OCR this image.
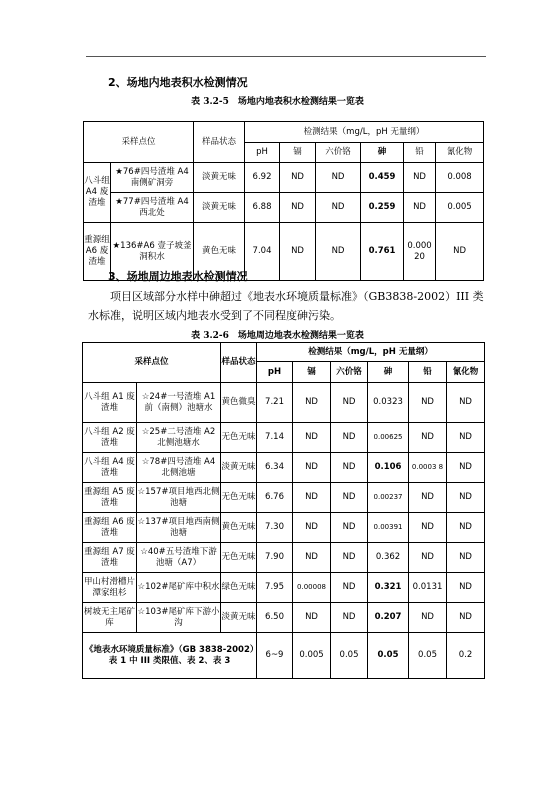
2、场地内地表积水检测情况
表 3.2-5　场地内地表积水检测结果一览表
采样点位		样品状态	检测结果（mg/L，pH 无量纲）					
			pH	镉	六价铬	砷	铅	氰化物
八斗组 A4 废渣堆	★76#四号渣堆 A4 南侧矿洞旁	淡黄无味	6.92	ND	ND	0.459	ND	0.008
	★77#四号渣堆 A4 西北处	淡黄无味	6.88	ND	ND	0.259	ND	0.005
重源组 A6 废渣堆	★136#A6 壹子坡釜洞积水	黄色无味	7.04	ND	ND	0.761	0.000 20	ND
3、场地周边地表水检测情况
项目区域部分水样中砷超过《地表水环境质量标准》（GB3838-2002）III 类水标准，说明区域内地表水受到了不同程度砷污染。
表 3.2-6　场地周边地表水检测结果一览表
采样点位		样品状态	检测结果（mg/L，pH 无量纲）					
			pH	镉	六价铬	砷	铅	氰化物
八斗组 A1 废渣堆	☆24#一号渣堆 A1 前（南侧）池塘水	黄色微臭	7.21	ND	ND	0.0323	ND	ND
八斗组 A2 废渣堆	☆25#二号渣堆 A2 北侧池塘水	无色无味	7.14	ND	ND	0.00625	ND	ND
八斗组 A4 废渣堆	☆78#四号渣堆 A4 北侧池塘	淡黄无味	6.34	ND	ND	0.106	0.0003 8	ND
重源组 A5 废渣堆	☆157#项目地西北侧池塘	无色无味	6.76	ND	ND	0.00237	ND	ND
重源组 A6 废渣堆	☆137#项目地西南侧池塘	黄色无味	7.30	ND	ND	0.00391	ND	ND
重源组 A7 废渣堆	☆40#五号渣堆下游池塘（A7）	无色无味	7.90	ND	ND	0.362	ND	ND
甲山村滑槽片潭家组杉	☆102#尾矿库中积水	绿色无味	7.95	0.00008	ND	0.321	0.0131	ND
树坡无主尾矿库	☆103#尾矿库下游小沟	淡黄无味	6.50	ND	ND	0.207	ND	ND
《地表水环境质量标准》（GB 3838-2002）表 1 中 III 类限值、表 2、表 3			6~9	0.005	0.05	0.05	0.05	0.2
